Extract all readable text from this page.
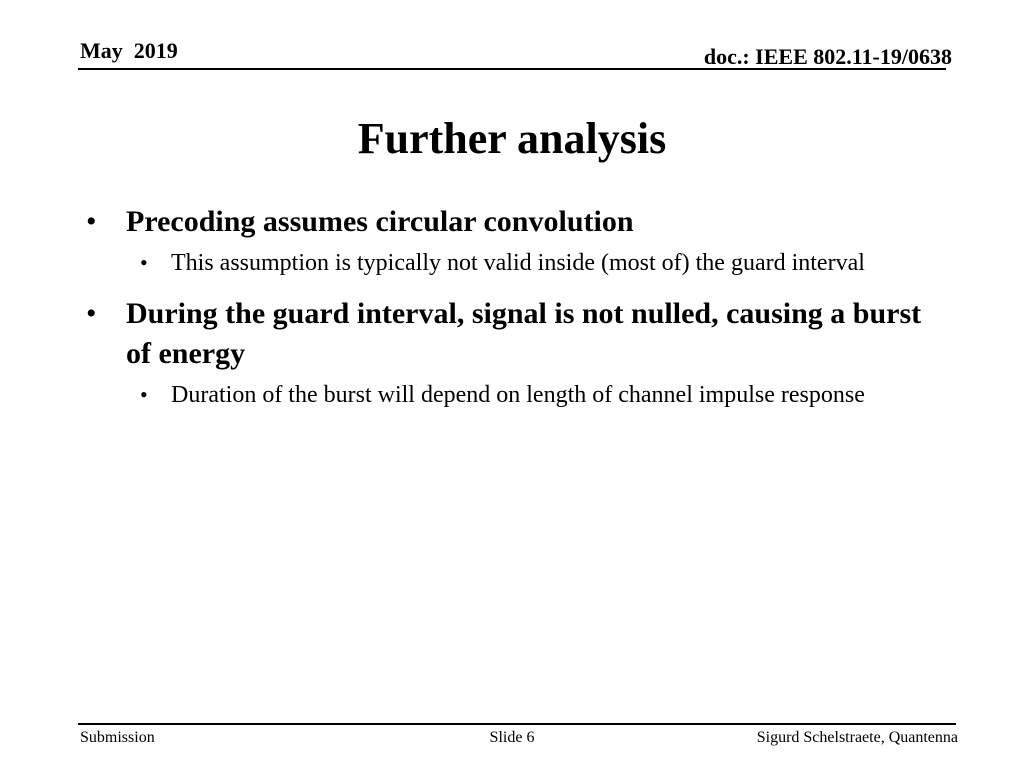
May  2019	doc.: IEEE 802.11-19/0638
Further analysis
• Precoding assumes circular convolution
• This assumption is typically not valid inside (most of) the guard interval
• During the guard interval, signal is not nulled, causing a burst of energy
• Duration of the burst will depend on length of channel impulse response
Submission	Slide 6	Sigurd Schelstraete, Quantenna
